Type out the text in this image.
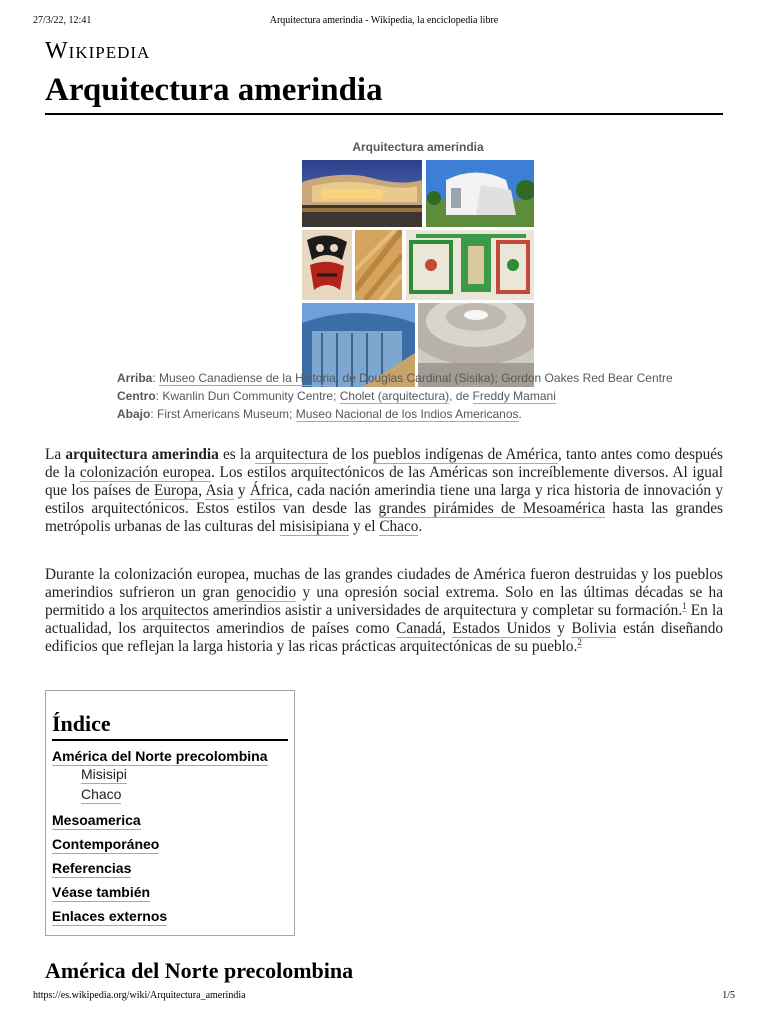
27/3/22, 12:41	Arquitectura amerindia - Wikipedia, la enciclopedia libre
Wikipedia
Arquitectura amerindia
Arquitectura amerindia
Arriba: Museo Canadiense de la Historia, de Douglas Cardinal (Sisika); Gordon Oakes Red Bear Centre
Centro: Kwanlin Dun Community Centre; Cholet (arquitectura), de Freddy Mamani
Abajo: First Americans Museum; Museo Nacional de los Indios Americanos.

La arquitectura amerindia es la arquitectura de los pueblos indígenas de América, tanto antes como después de la colonización europea. Los estilos arquitectónicos de las Américas son increíblemente diversos. Al igual que los países de Europa, Asia y África, cada nación amerindia tiene una larga y rica historia de innovación y estilos arquitectónicos. Estos estilos van desde las grandes pirámides de Mesoamérica hasta las grandes metrópolis urbanas de las culturas del misisipiana y el Chaco.

Durante la colonización europea, muchas de las grandes ciudades de América fueron destruidas y los pueblos amerindios sufrieron un gran genocidio y una opresión social extrema. Solo en las últimas décadas se ha permitido a los arquitectos amerindios asistir a universidades de arquitectura y completar su formación.$^1$ En la actualidad, los arquitectos amerindios de países como Canadá, Estados Unidos y Bolivia están diseñando edificios que reflejan la larga historia y las ricas prácticas arquitectónicas de su pueblo.$^2$

Índice
América del Norte precolombina
Misisipi
Chaco
Mesoamerica
Contemporáneo
Referencias
Véase también
Enlaces externos
América del Norte precolombina
https://es.wikipedia.org/wiki/Arquitectura_amerindia	1/5
